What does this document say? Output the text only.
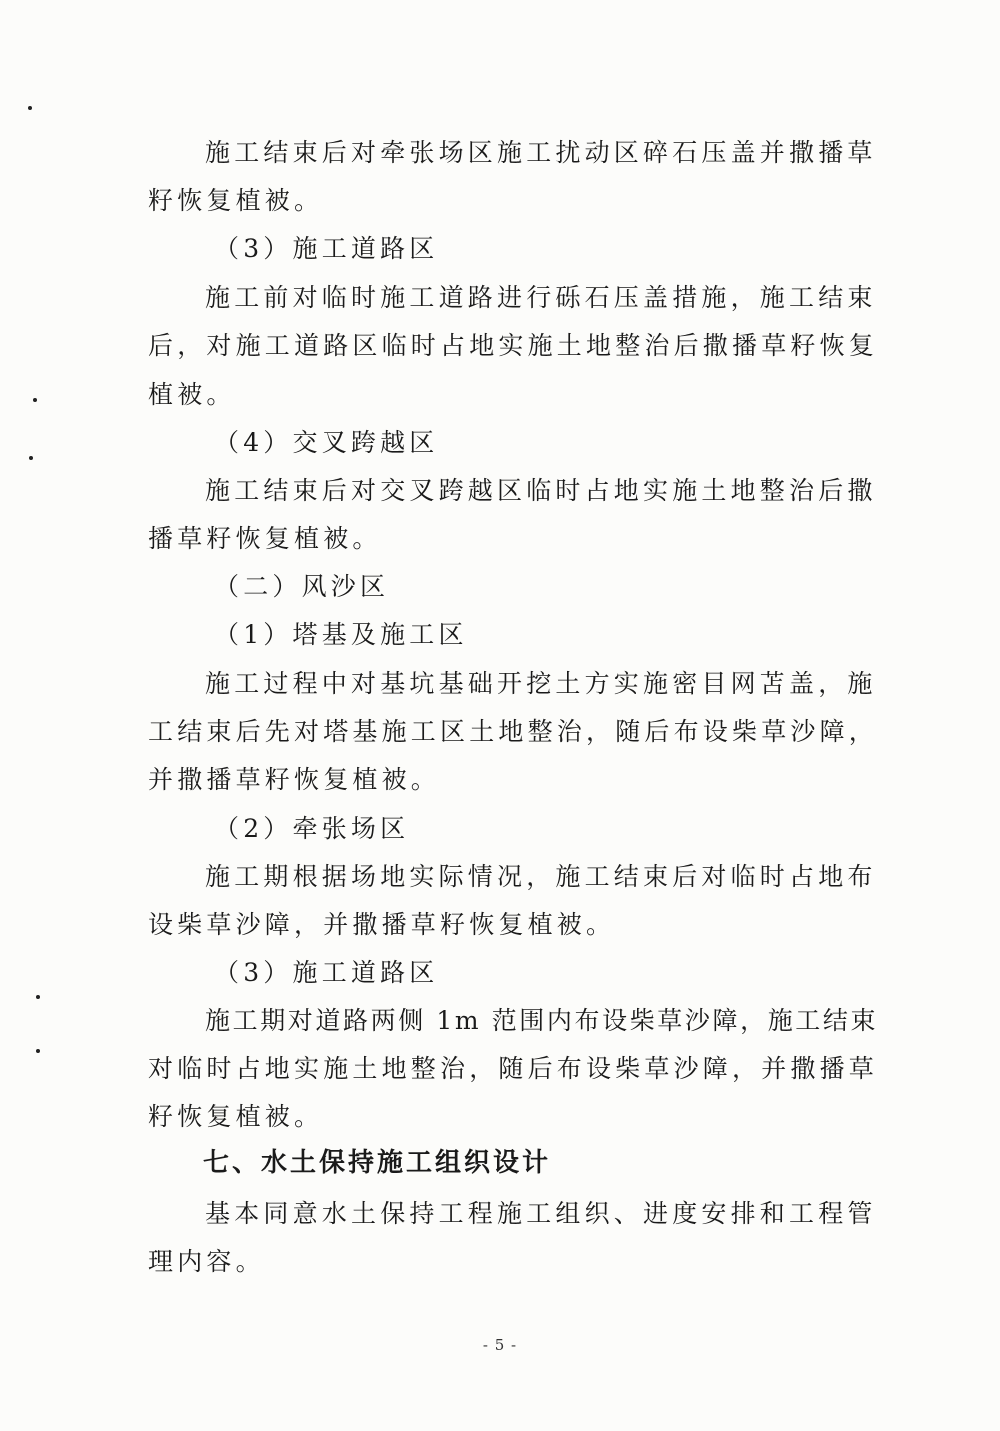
施工结束后对牵张场区施工扰动区碎石压盖并撒播草
籽恢复植被。
（3）施工道路区
施工前对临时施工道路进行砾石压盖措施，施工结束
后，对施工道路区临时占地实施土地整治后撒播草籽恢复
植被。
（4）交叉跨越区
施工结束后对交叉跨越区临时占地实施土地整治后撒
播草籽恢复植被。
（二）风沙区
（1）塔基及施工区
施工过程中对基坑基础开挖土方实施密目网苫盖，施
工结束后先对塔基施工区土地整治，随后布设柴草沙障，
并撒播草籽恢复植被。
（2）牵张场区
施工期根据场地实际情况，施工结束后对临时占地布
设柴草沙障，并撒播草籽恢复植被。
（3）施工道路区
施工期对道路两侧 1m 范围内布设柴草沙障，施工结束
对临时占地实施土地整治，随后布设柴草沙障，并撒播草
籽恢复植被。
七、水土保持施工组织设计
基本同意水土保持工程施工组织、进度安排和工程管
理内容。
- 5 -
